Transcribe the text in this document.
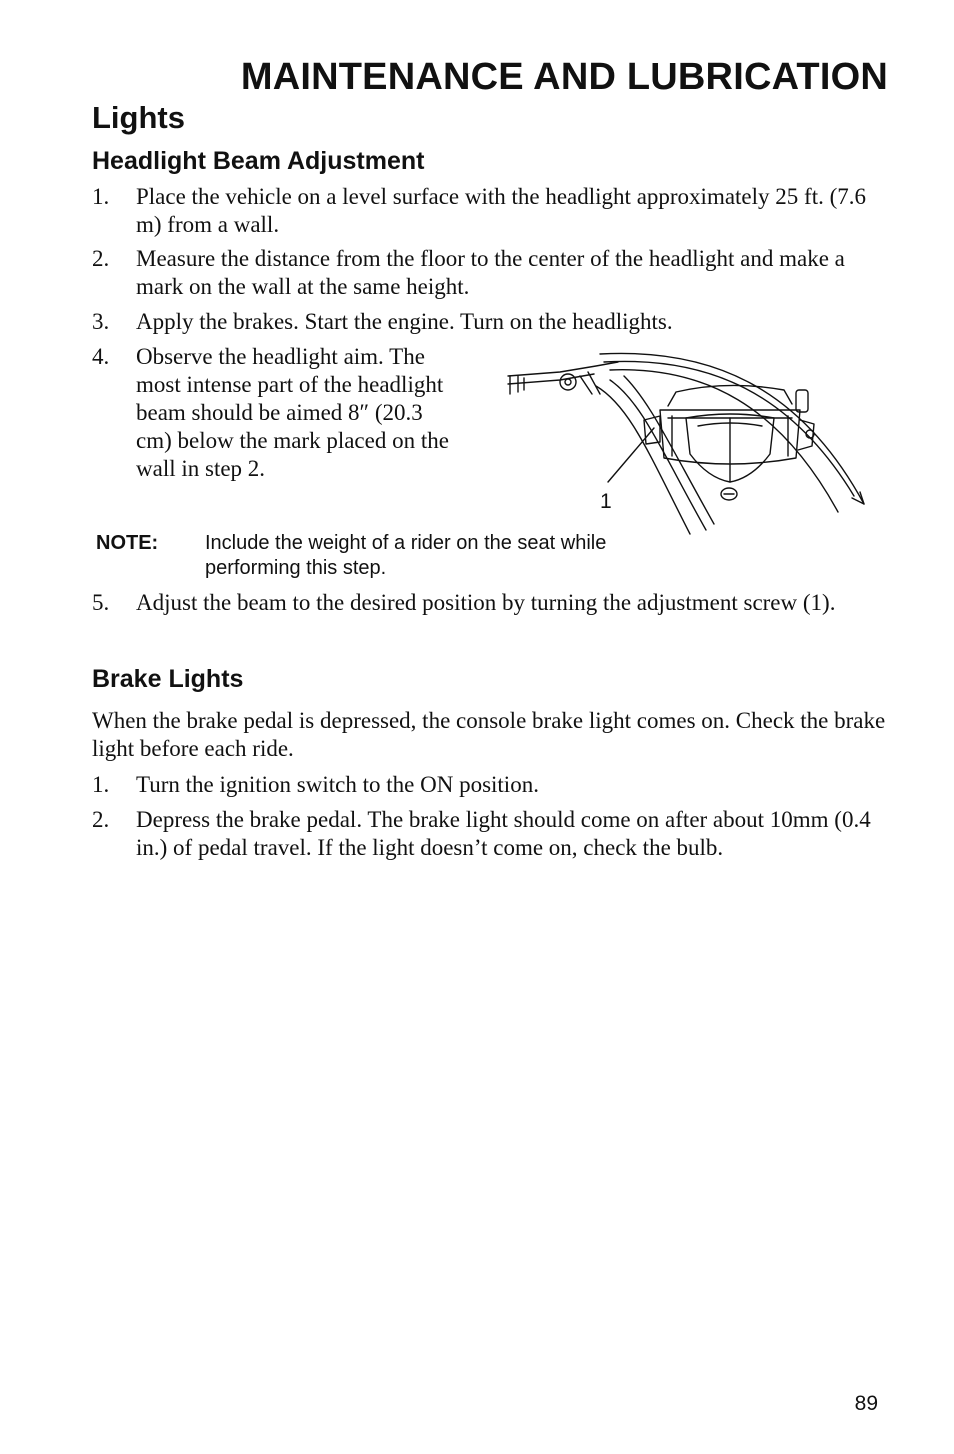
MAINTENANCE AND LUBRICATION
Lights
Headlight Beam Adjustment
1. Place the vehicle on a level surface with the headlight approximately 25 ft. (7.6 m) from a wall.
2. Measure the distance from the floor to the center of the headlight and make a mark on the wall at the same height.
3. Apply the brakes. Start the engine. Turn on the headlights.
4. Observe the headlight aim. The most intense part of the headlight beam should be aimed 8″ (20.3 cm) below the mark placed on the wall in step 2.
1
NOTE: Include the weight of a rider on the seat while performing this step.
5. Adjust the beam to the desired position by turning the adjustment screw (1).
Brake Lights

When the brake pedal is depressed, the console brake light comes on. Check the brake light before each ride.

1. Turn the ignition switch to the ON position.
2. Depress the brake pedal. The brake light should come on after about 10mm (0.4 in.) of pedal travel. If the light doesn’t come on, check the bulb.
89
